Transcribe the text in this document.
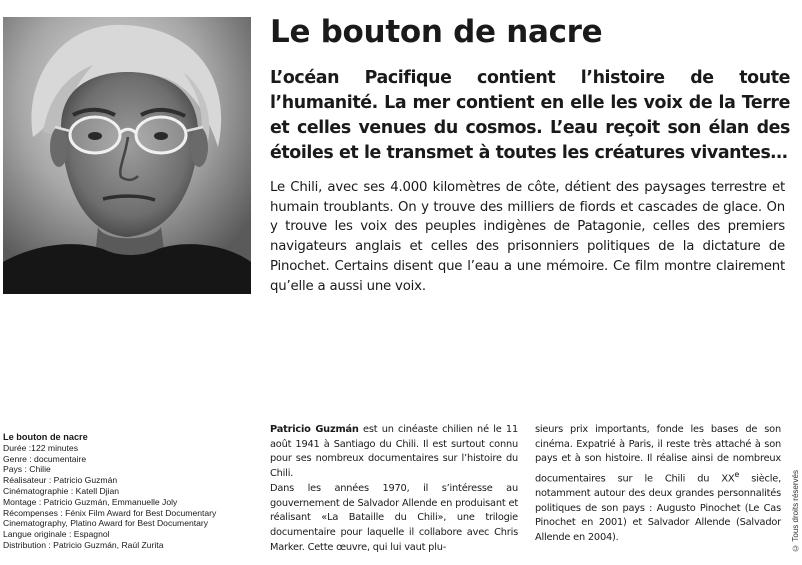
Le bouton de nacre

L’océan Pacifique contient l’histoire de toute l’humanité. La mer contient en elle les voix de la Terre et celles venues du cosmos. L’eau reçoit son élan des étoiles et le transmet à toutes les créatures vivantes…

Le Chili, avec ses 4.000 kilomètres de côte, détient des paysages terrestre et humain troublants. On y trouve des milliers de fiords et cascades de glace. On y trouve les voix des peuples indigènes de Patagonie, celles des premiers navigateurs anglais et celles des prisonniers politiques de la dictature de Pinochet. Certains disent que l’eau a une mémoire. Ce film montre clairement qu’elle a aussi une voix.

Le bouton de nacre
Durée :122 minutes
Genre : documentaire
Pays : Chilie
Réalisateur : Patricio Guzmán
Cinématographie : Katell Djian
Montage : Patricio Guzmán, Emmanuelle Joly
Récompenses : Fénix Film Award for Best Documentary
Cinematography, Platino Award for Best Documentary
Langue originale : Espagnol
Distribution : Patricio Guzmán, Raúl Zurita

Patricio Guzmán est un cinéaste chilien né le 11 août 1941 à Santiago du Chili. Il est surtout connu pour ses nombreux documentaires sur l’histoire du Chili.

Dans les années 1970, il s’intéresse au gouvernement de Salvador Allende en produisant et réalisant «La Bataille du Chili», une trilogie documentaire pour laquelle il collabore avec Chris Marker. Cette œuvre, qui lui vaut plu-

sieurs prix importants, fonde les bases de son cinéma. Expatrié à Paris, il reste très attaché à son pays et à son histoire. Il réalise ainsi de nombreux documentaires sur le Chili du XXe siècle, notamment autour des deux grandes personnalités politiques de son pays : Augusto Pinochet (Le Cas Pinochet en 2001) et Salvador Allende (Salvador Allende en 2004).	© Tous droits réservés
